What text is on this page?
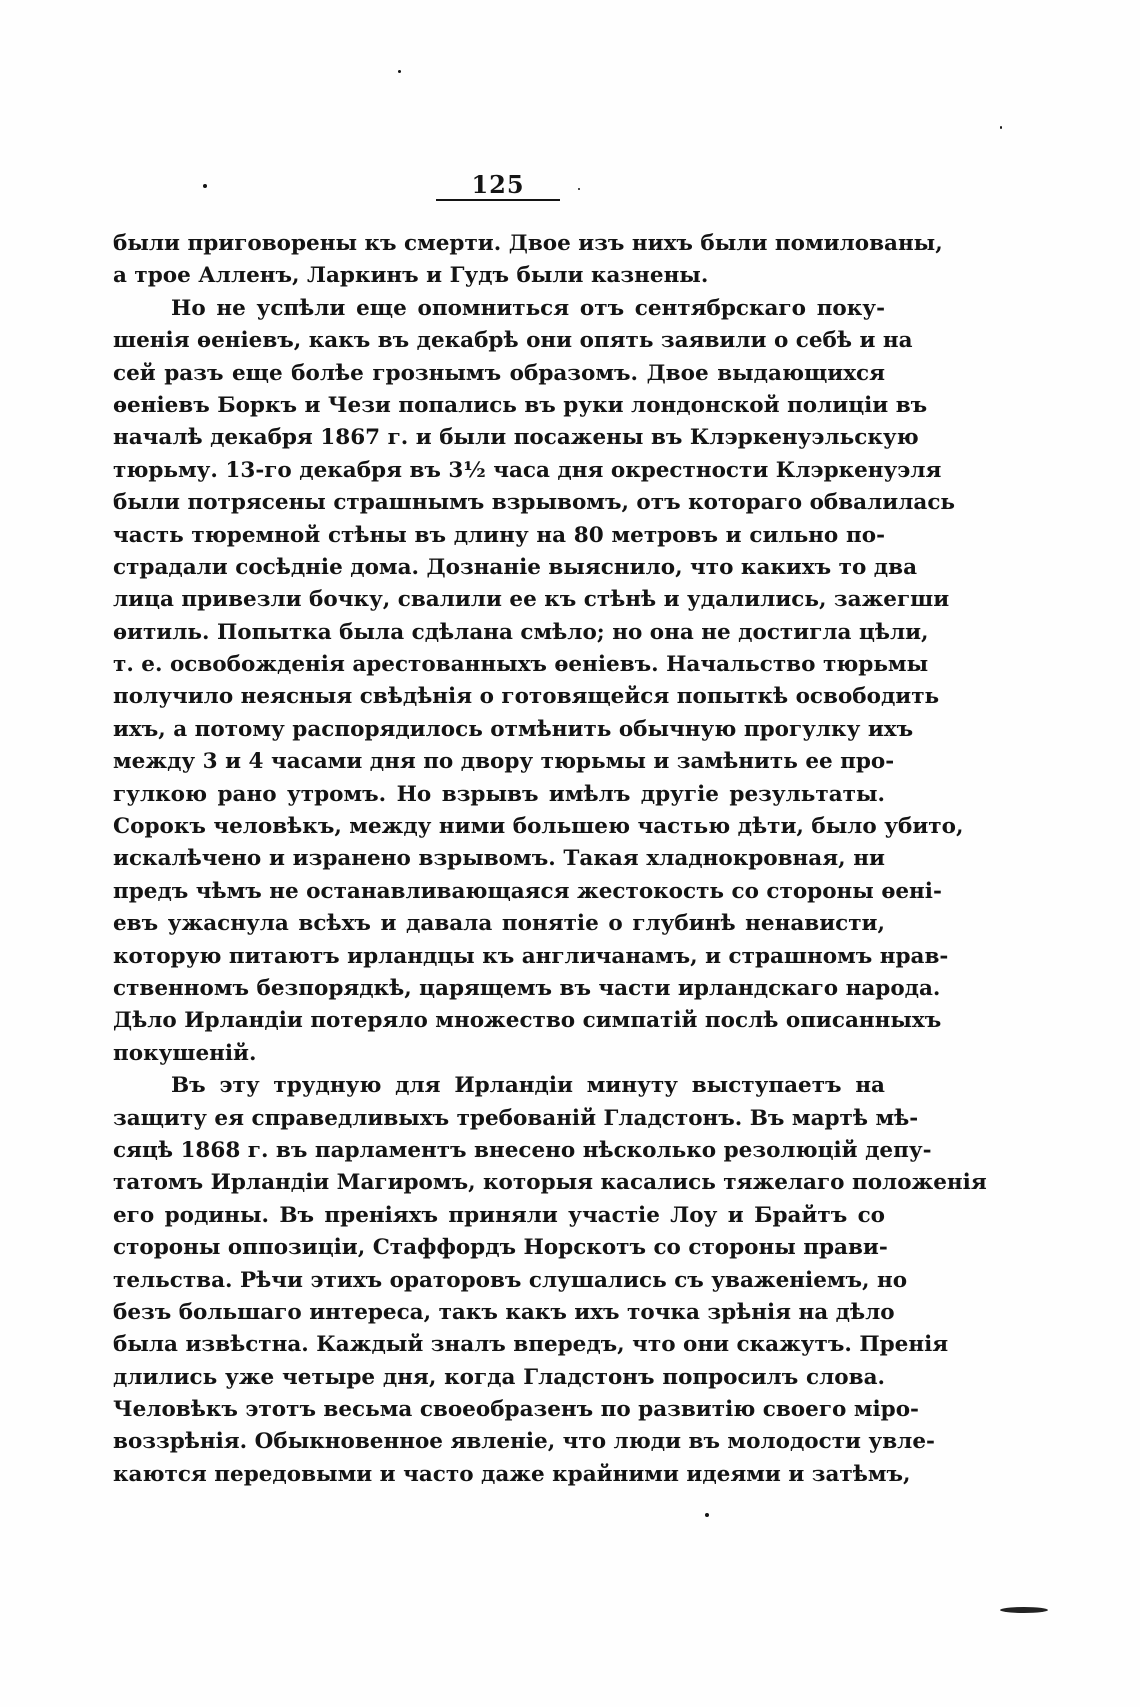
125
были приговорены къ смерти. Двое изъ нихъ были помилованы,
а трое Алленъ, Ларкинъ и Гудъ были казнены.
Но не успѣли еще опомниться отъ сентябрскаго поку-
шенія ѳеніевъ, какъ въ декабрѣ они опять заявили о себѣ и на
сей разъ еще болѣе грознымъ образомъ. Двое выдающихся
ѳеніевъ Боркъ и Чези попались въ руки лондонской полиціи въ
началѣ декабря 1867 г. и были посажены въ Клэркенуэльскую
тюрьму. 13-го декабря въ 3½ часа дня окрестности Клэркенуэля
были потрясены страшнымъ взрывомъ, отъ котораго обвалилась
часть тюремной стѣны въ длину на 80 метровъ и сильно по-
страдали сосѣдніе дома. Дознаніе выяснило, что какихъ то два
лица привезли бочку, свалили ее къ стѣнѣ и удалились, зажегши
ѳитиль. Попытка была сдѣлана смѣло; но она не достигла цѣли,
т. е. освобожденія арестованныхъ ѳеніевъ. Начальство тюрьмы
получило неясныя свѣдѣнія о готовящейся попыткѣ освободить
ихъ, а потому распорядилось отмѣнить обычную прогулку ихъ
между 3 и 4 часами дня по двору тюрьмы и замѣнить ее про-
гулкою рано утромъ. Но взрывъ имѣлъ другіе результаты.
Сорокъ человѣкъ, между ними большею частью дѣти, было убито,
искалѣчено и изранено взрывомъ. Такая хладнокровная, ни
предъ чѣмъ не останавливающаяся жестокость со стороны ѳені-
евъ ужаснула всѣхъ и давала понятіе о глубинѣ ненависти,
которую питаютъ ирландцы къ англичанамъ, и страшномъ нрав-
ственномъ безпорядкѣ, царящемъ въ части ирландскаго народа.
Дѣло Ирландіи потеряло множество симпатій послѣ описанныхъ
покушеній.
Въ эту трудную для Ирландіи минуту выступаетъ на
защиту ея справедливыхъ требованій Гладстонъ. Въ мартѣ мѣ-
сяцѣ 1868 г. въ парламентъ внесено нѣсколько резолюцій депу-
татомъ Ирландіи Магиромъ, которыя касались тяжелаго положенія
его родины. Въ преніяхъ приняли участіе Лоу и Брайтъ со
стороны оппозиціи, Стаффордъ Норскотъ со стороны прави-
тельства. Рѣчи этихъ ораторовъ слушались съ уваженіемъ, но
безъ большаго интереса, такъ какъ ихъ точка зрѣнія на дѣло
была извѣстна. Каждый зналъ впередъ, что они скажутъ. Пренія
длились уже четыре дня, когда Гладстонъ попросилъ слова.
Человѣкъ этотъ весьма своеобразенъ по развитію своего міро-
воззрѣнія. Обыкновенное явленіе, что люди въ молодости увле-
каются передовыми и часто даже крайними идеями и затѣмъ,
